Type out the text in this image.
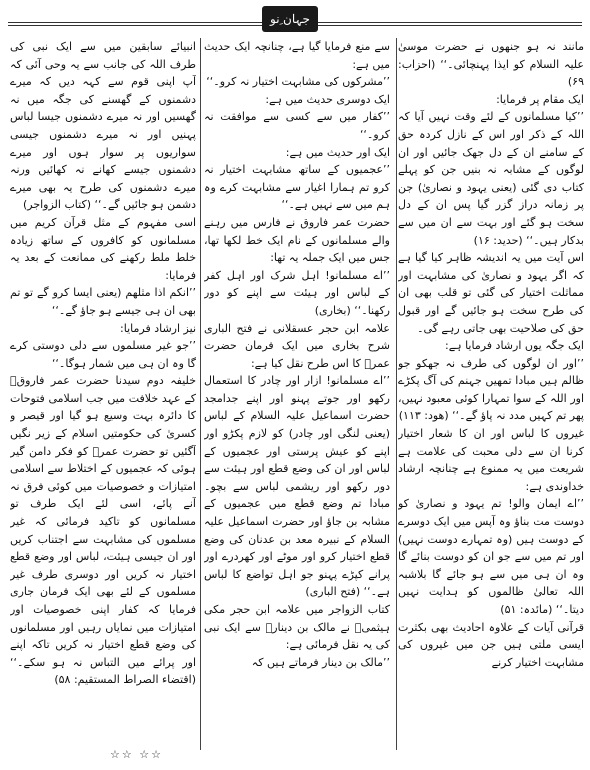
جہان ِنو

مانند نہ ہو جنھوں نے حضرت موسیٰ علیہ السلام کو ایذا پہنچائی۔‘‘ (احزاب: ۶۹)

ایک مقام پر فرمایا:

’’کیا مسلمانوں کے لئے وقت نہیں آیا کہ اللہ کے ذکر اور اس کے نازل کردہ حق کے سامنے ان کے دل جھک جائیں اور ان لوگوں کے مشابہ نہ بنیں جن کو پہلے کتاب دی گئی (یعنی یہود و نصاریٰ) جن پر زمانہ دراز گزر گیا پس ان کے دل سخت ہو گئے اور بہت سے ان میں سے بدکار ہیں۔‘‘ (حدید: ۱۶)

اس آیت میں یہ اندیشہ ظاہر کیا گیا ہے کہ اگر یہود و نصاریٰ کی مشابہت اور مماثلت اختیار کی گئی تو قلب بھی ان کی طرح سخت ہو جائیں گے اور قبول حق کی صلاحیت بھی جاتی رہے گی۔

ایک جگہ یوں ارشاد فرمایا ہے:

’’اور ان لوگوں کی طرف نہ جھکو جو ظالم ہیں مبادا تمھیں جہنم کی آگ پکڑے اور اللہ کے سوا تمہارا کوئی معبود نہیں، پھر تم کہیں مدد نہ پاؤ گے۔‘‘ (ھود: ۱۱۳)

غیروں کا لباس اور ان کا شعار اختیار کرنا ان سے دلی محبت کی علامت ہے شریعت میں یہ ممنوع ہے چنانچہ ارشاد خداوندی ہے:

’’اے ایمان والو! تم یہود و نصاریٰ کو دوست مت بناؤ وہ آپس میں ایک دوسرے کے دوست ہیں (وہ تمہارے دوست نہیں) اور تم میں سے جو ان کو دوست بنائے گا وہ ان ہی میں سے ہو جائے گا بلاشبہ اللہ تعالیٰ ظالموں کو ہدایت نہیں دیتا۔‘‘ (مائدہ: ۵۱)

قرآنی آیات کے علاوہ احادیث بھی بکثرت ایسی ملتی ہیں جن میں غیروں کی مشابہت اختیار کرنے

سے منع فرمایا گیا ہے، چنانچہ ایک حدیث میں ہے:

’’مشرکوں کی مشابہت اختیار نہ کرو۔‘‘

ایک دوسری حدیث میں ہے:

’’کفار میں سے کسی سے موافقت نہ کرو۔‘‘

ایک اور حدیث میں ہے:

’’عجمیوں کے ساتھ مشابہت اختیار نہ کرو تم ہمارا اغیار سے مشابہت کرے وہ ہم میں سے نہیں ہے۔‘‘

حضرت عمر فاروق نے فارس میں رہنے والے مسلمانوں کے نام ایک خط لکھا تھا، جس میں ایک جملہ یہ تھا:

’’اے مسلمانو! اہل شرک اور اہل کفر کے لباس اور ہیئت سے اپنے کو دور رکھنا۔‘‘ (بخاری)

علامہ ابن حجر عسقلانی نے فتح الباری شرح بخاری میں ایک فرمان حضرت عمرؓ کا اس طرح نقل کیا ہے:

’’اے مسلمانو! ازار اور چادر کا استعمال رکھو اور جوتے پہنو اور اپنے جدامجد حضرت اسماعیل علیہ السلام کے لباس (یعنی لنگی اور چادر) کو لازم پکڑو اور اپنے کو عیش پرستی اور عجمیوں کے لباس اور ان کی وضع قطع اور ہیئت سے دور رکھو اور ریشمی لباس سے بچو۔ مبادا تم وضع قطع میں عجمیوں کے مشابہ بن جاؤ اور حضرت اسماعیل علیہ السلام کے نبیرہ معد بن عدنان کی وضع قطع اختیار کرو اور موٹے اور کھردرے اور پرانے کپڑے پہنو جو اہل تواضع کا لباس ہے۔‘‘ (فتح الباری)

کتاب الزواجر میں علامہ ابن حجر مکی ہیثمیؒ نے مالک بن دینارؒ سے ایک نبی کی یہ نقل فرمائی ہے:

’’مالک بن دینار فرماتے ہیں کہ

انبیائے سابقین میں سے ایک نبی کی طرف اللہ کی جانب سے یہ وحی آئی کہ آپ اپنی قوم سے کہہ دیں کہ میرے دشمنوں کے گھسنے کی جگہ میں نہ گھسیں اور نہ میرے دشمنوں جیسا لباس پہنیں اور نہ میرے دشمنوں جیسی سواریوں پر سوار ہوں اور میرے دشمنوں جیسے کھانے نہ کھائیں ورنہ میرے دشمنوں کی طرح یہ بھی میرے دشمن ہو جائیں گے۔‘‘ (کتاب الزواجر)

اسی مفہوم کے مثل قرآن کریم میں مسلمانوں کو کافروں کے ساتھ زیادہ خلط ملط رکھنے کی ممانعت کے بعد یہ فرمایا:

’’انکم اذا مثلھم (یعنی ایسا کرو گے تو تم بھی ان ہی جیسے ہو جاؤ گے۔‘‘

نیز ارشاد فرمایا:

’’جو غیر مسلموں سے دلی دوستی کرے گا وہ ان ہی میں شمار ہوگا۔‘‘

خلیفہ دوم سیدنا حضرت عمر فاروقؓ کے عہد خلافت میں جب اسلامی فتوحات کا دائرہ بہت وسیع ہو گیا اور قیصر و کسریٰ کی حکومتیں اسلام کے زیر نگیں آگئیں تو حضرت عمرؓ کو فکر دامن گیر ہوئی کہ عجمیوں کے اختلاط سے اسلامی امتیازات و خصوصیات میں کوئی فرق نہ آنے پائے، اسی لئے ایک طرف تو مسلمانوں کو تاکید فرمائی کہ غیر مسلموں کی مشابہت سے اجتناب کریں اور ان جیسی ہیئت، لباس اور وضع قطع اختیار نہ کریں اور دوسری طرف غیر مسلموں کے لئے بھی ایک فرمان جاری فرمایا کہ کفار اپنی خصوصیات اور امتیازات میں نمایاں رہیں اور مسلمانوں کی وضع قطع اختیار نہ کریں تاکہ اپنے اور پرائے میں التباس نہ ہو سکے۔‘‘ (اقتضاء الصراط المستقیم: ۵۸)

☆☆ ☆☆
